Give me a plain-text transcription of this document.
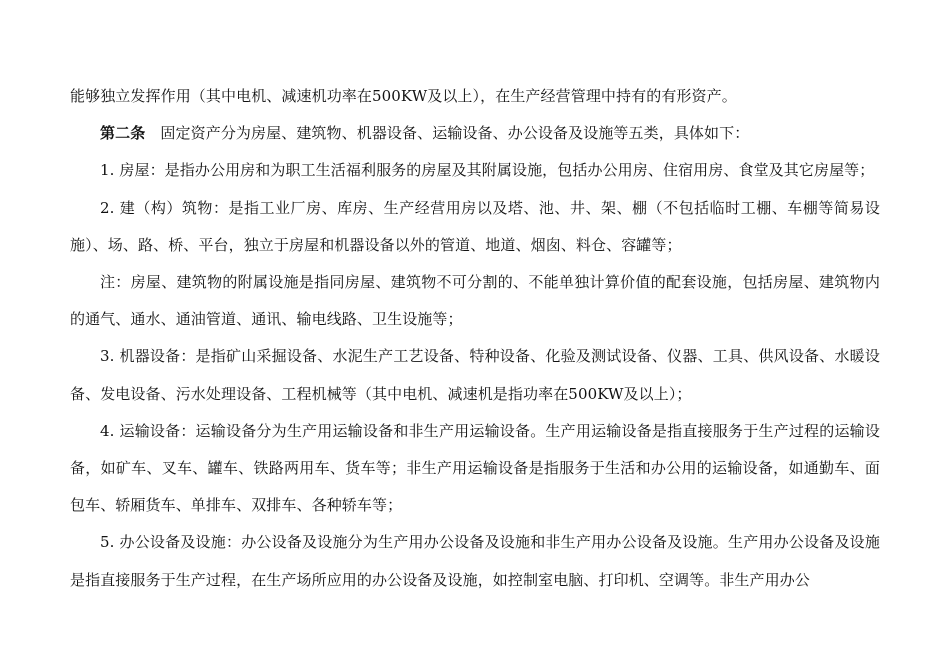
能够独立发挥作用（其中电机、减速机功率在500KW及以上），在生产经营管理中持有的有形资产。

第二条　固定资产分为房屋、建筑物、机器设备、运输设备、办公设备及设施等五类，具体如下：

1. 房屋：是指办公用房和为职工生活福利服务的房屋及其附属设施，包括办公用房、住宿用房、食堂及其它房屋等；

2. 建（构）筑物：是指工业厂房、库房、生产经营用房以及塔、池、井、架、棚（不包括临时工棚、车棚等简易设施）、场、路、桥、平台，独立于房屋和机器设备以外的管道、地道、烟囱、料仓、容罐等；

注：房屋、建筑物的附属设施是指同房屋、建筑物不可分割的、不能单独计算价值的配套设施，包括房屋、建筑物内的通气、通水、通油管道、通讯、输电线路、卫生设施等；

3. 机器设备：是指矿山采掘设备、水泥生产工艺设备、特种设备、化验及测试设备、仪器、工具、供风设备、水暖设备、发电设备、污水处理设备、工程机械等（其中电机、减速机是指功率在500KW及以上）；

4. 运输设备：运输设备分为生产用运输设备和非生产用运输设备。生产用运输设备是指直接服务于生产过程的运输设备，如矿车、叉车、罐车、铁路两用车、货车等；非生产用运输设备是指服务于生活和办公用的运输设备，如通勤车、面包车、轿厢货车、单排车、双排车、各种轿车等；

5. 办公设备及设施：办公设备及设施分为生产用办公设备及设施和非生产用办公设备及设施。生产用办公设备及设施是指直接服务于生产过程，在生产场所应用的办公设备及设施，如控制室电脑、打印机、空调等。非生产用办公
